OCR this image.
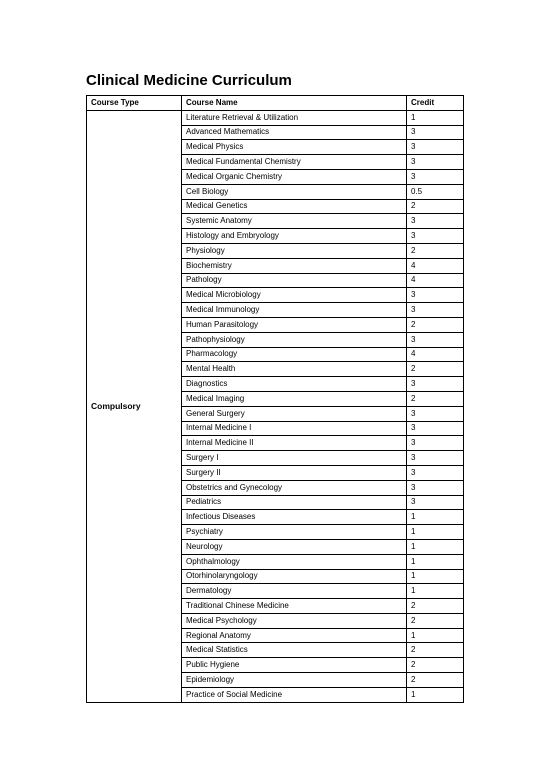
Clinical Medicine Curriculum
Course Type	Course Name	Credit
Compulsory	Literature Retrieval & Utilization	1
	Advanced Mathematics	3
	Medical Physics	3
	Medical Fundamental Chemistry	3
	Medical Organic Chemistry	3
	Cell Biology	0.5
	Medical Genetics	2
	Systemic Anatomy	3
	Histology and Embryology	3
	Physiology	2
	Biochemistry	4
	Pathology	4
	Medical Microbiology	3
	Medical Immunology	3
	Human Parasitology	2
	Pathophysiology	3
	Pharmacology	4
	Mental Health	2
	Diagnostics	3
	Medical Imaging	2
	General Surgery	3
	Internal Medicine I	3
	Internal Medicine II	3
	Surgery I	3
	Surgery II	3
	Obstetrics and Gynecology	3
	Pediatrics	3
	Infectious Diseases	1
	Psychiatry	1
	Neurology	1
	Ophthalmology	1
	Otorhinolaryngology	1
	Dermatology	1
	Traditional Chinese Medicine	2
	Medical Psychology	2
	Regional Anatomy	1
	Medical Statistics	2
	Public Hygiene	2
	Epidemiology	2
	Practice of Social Medicine	1
